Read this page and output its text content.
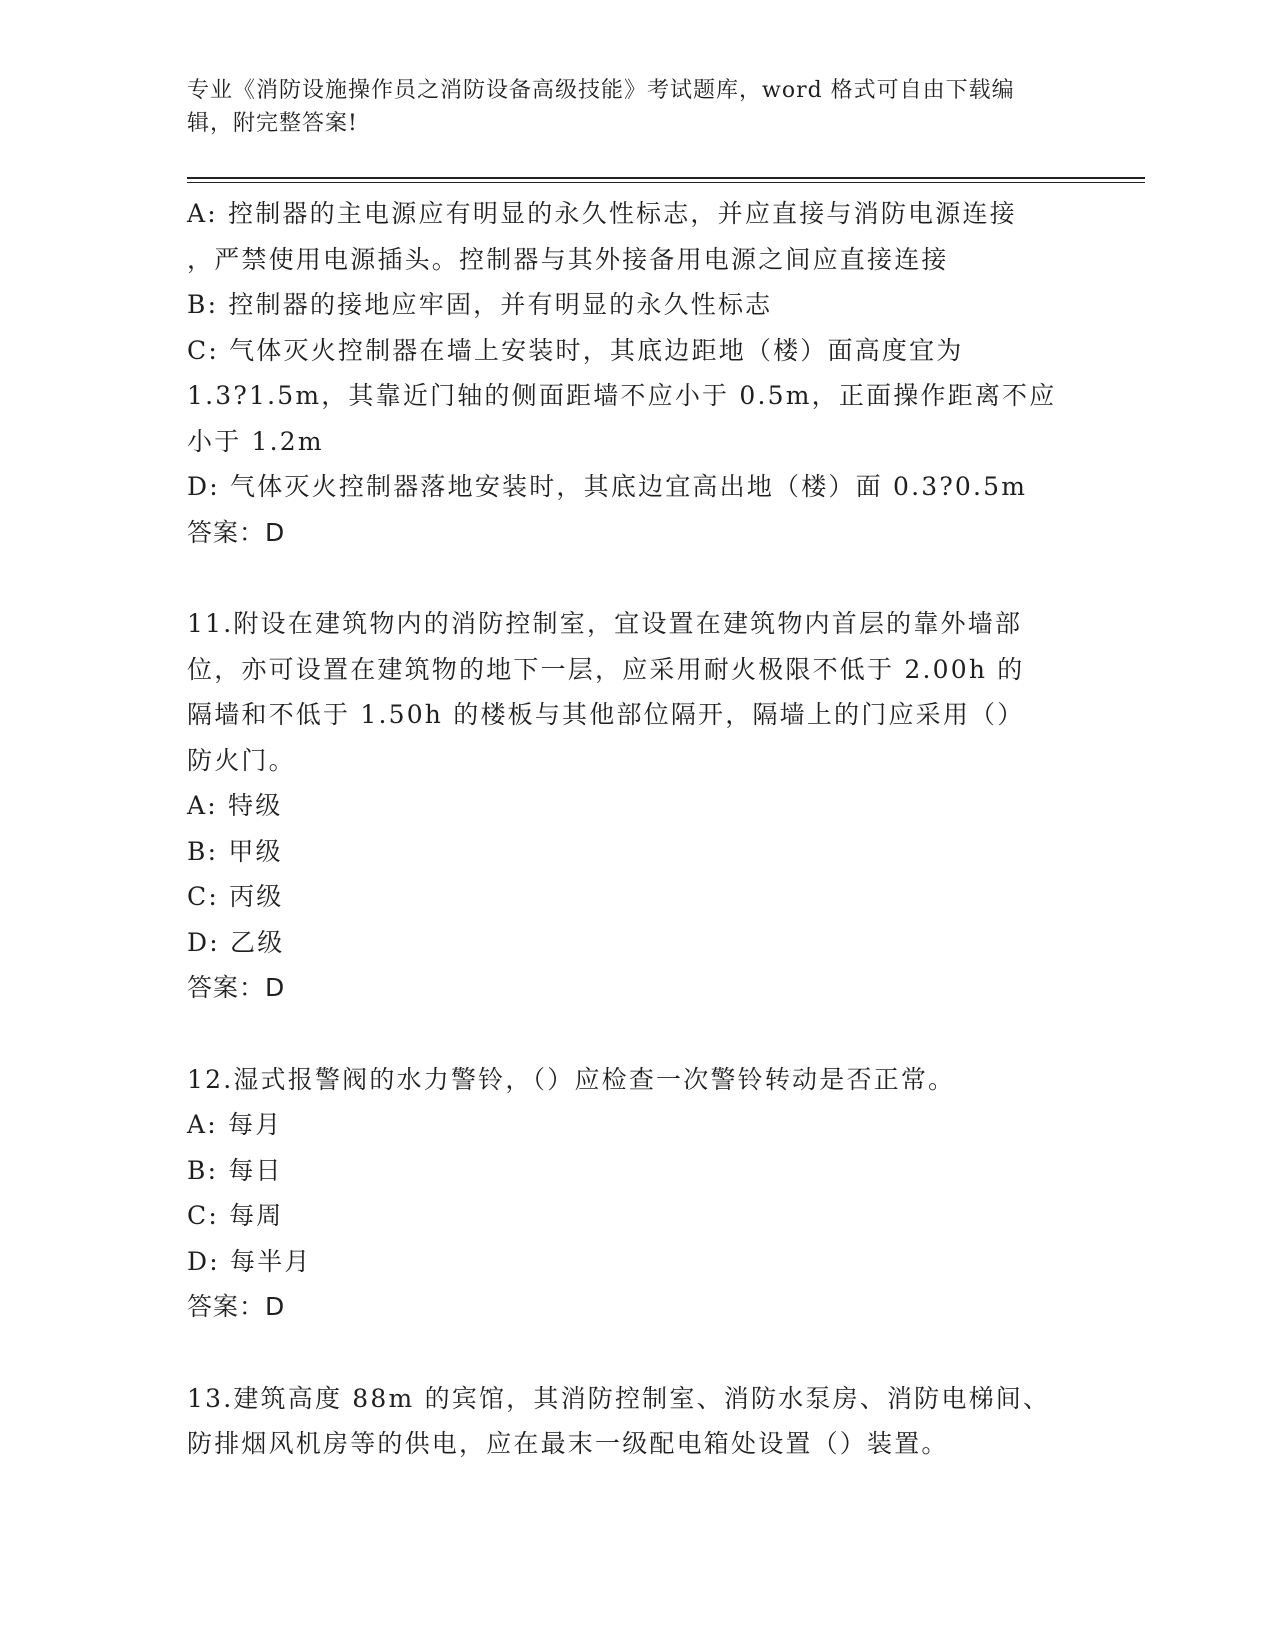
专业《消防设施操作员之消防设备高级技能》考试题库，word 格式可自由下载编
辑，附完整答案!
A: 控制器的主电源应有明显的永久性标志，并应直接与消防电源连接
，严禁使用电源插头。控制器与其外接备用电源之间应直接连接
B: 控制器的接地应牢固，并有明显的永久性标志
C: 气体灭火控制器在墙上安装时，其底边距地（楼）面高度宜为
1.3?1.5m，其靠近门轴的侧面距墙不应小于 0.5m，正面操作距离不应
小于 1.2m
D: 气体灭火控制器落地安装时，其底边宜高出地（楼）面 0.3?0.5m
答案：D
11.附设在建筑物内的消防控制室，宜设置在建筑物内首层的靠外墙部
位，亦可设置在建筑物的地下一层，应采用耐火极限不低于 2.00h 的
隔墙和不低于 1.50h 的楼板与其他部位隔开，隔墙上的门应采用（）
防火门。
A: 特级
B: 甲级
C: 丙级
D: 乙级
答案：D
12.湿式报警阀的水力警铃，（）应检查一次警铃转动是否正常。
A: 每月
B: 每日
C: 每周
D: 每半月
答案：D
13.建筑高度 88m 的宾馆，其消防控制室、消防水泵房、消防电梯间、
防排烟风机房等的供电，应在最末一级配电箱处设置（）装置。
